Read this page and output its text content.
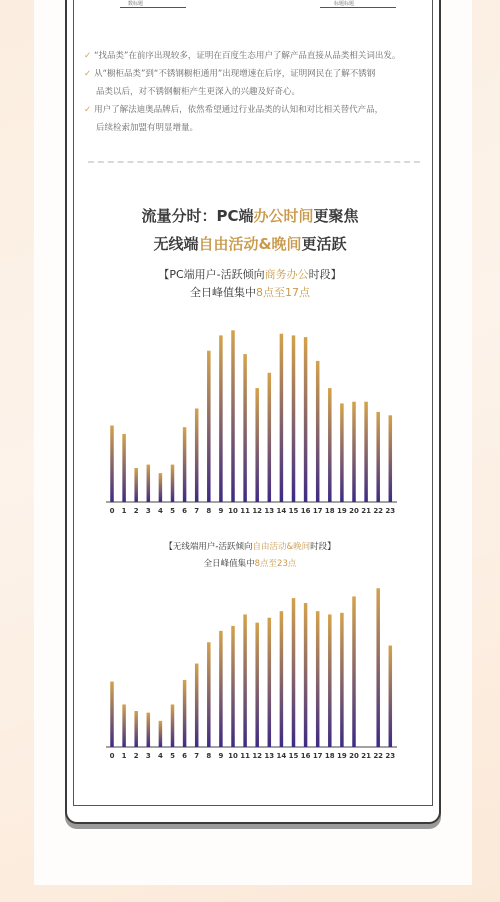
数标题	标题标题

✓ “找品类”在前序出现较多，证明在百度生态用户了解产品直接从品类相关词出发。

✓ 从“橱柜品类”到“不锈钢橱柜通用”出现增速在后序，证明网民在了解不锈钢

品类以后，对不锈钢橱柜产生更深入的兴趣及好奇心。

✓ 用户了解法迪奥品牌后，依然希望通过行业品类的认知和对比相关替代产品，

后续检索加盟有明显增量。

流量分时：PC端办公时间更聚焦
无线端自由活动&晚间更活跃
【PC端用户-活跃倾向商务办公时段】
全日峰值集中8点至17点
0 1 2 3 4 5 6 7 8 9 10 11 12 13 14 15 16 17 18 19 20 21 22 23
【无线端用户-活跃倾向自由活动&晚间时段】
全日峰值集中8点至23点
0 1 2 3 4 5 6 7 8 9 10 11 12 13 14 15 16 17 18 19 20 21 22 23
